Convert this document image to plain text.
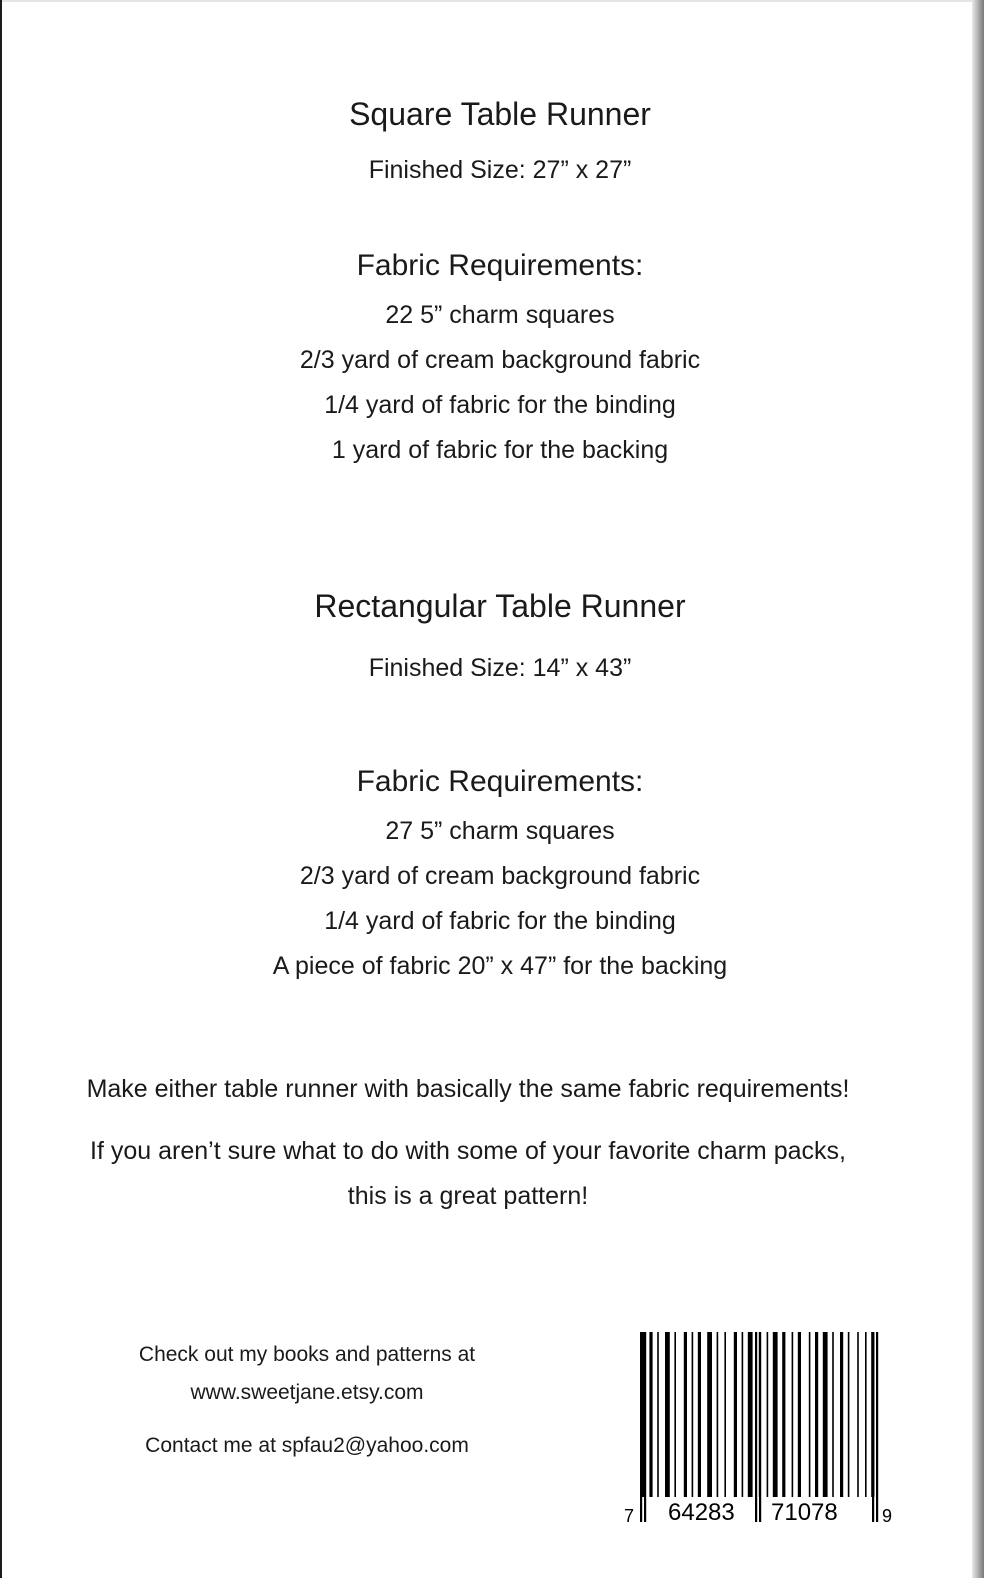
Square Table Runner
Finished Size: 27” x 27”
Fabric Requirements:
22 5” charm squares
2/3 yard of cream background fabric
1/4 yard of fabric for the binding
1 yard of fabric for the backing
Rectangular Table Runner
Finished Size: 14” x 43”
Fabric Requirements:
27 5” charm squares
2/3 yard of cream background fabric
1/4 yard of fabric for the binding
A piece of fabric 20” x 47” for the backing
Make either table runner with basically the same fabric requirements!
If you aren’t sure what to do with some of your favorite charm packs,
this is a great pattern!
Check out my books and patterns at
www.sweetjane.etsy.com
Contact me at spfau2@yahoo.com
7 64283 71078 9
